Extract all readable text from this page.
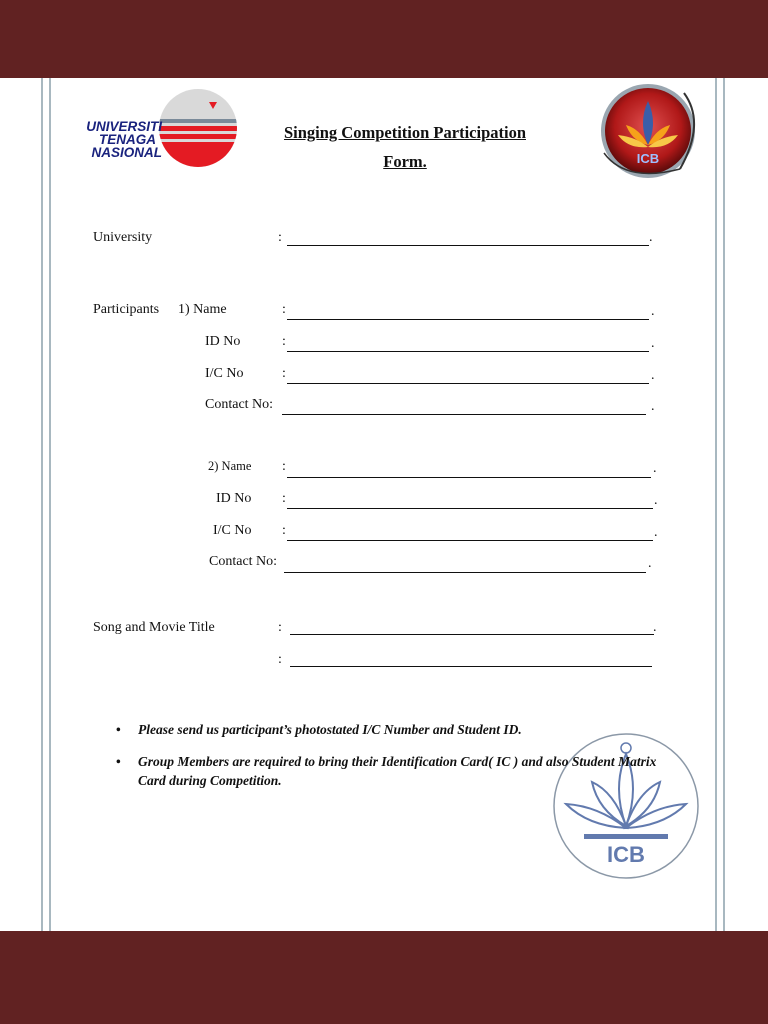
UNIVERSITI
TENAGA
NASIONAL	ICB
Singing Competition Participation
Form.
University	:	.
Participants 1) Name	:	.
ID No	:	.
I/C No	:	.
Contact No:	.
2) Name :	.
ID No :	.
I/C No :	.
Contact No:	.
Song and Movie Title	:	.
:
ICB
• Please send us participant’s photostated I/C Number and Student ID.
• Group Members are required to bring their Identification Card( IC ) and also Student Matrix Card during Competition.
